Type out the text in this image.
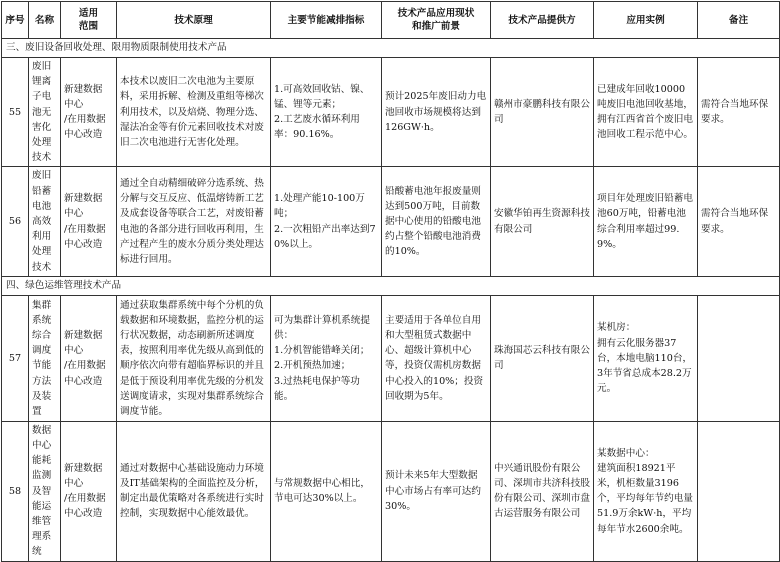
序号	名称	适用
范围	技术原理	主要节能减排指标	技术产品应用现状
和推广前景	技术产品提供方	应用实例	备注
三、废旧设备回收处理、限用物质限制使用技术产品								
55	废旧锂离子电池无害化处理技术	新建数据
中心
/在用数据
中心改造	本技术以废旧二次电池为主要原料，采用拆解、检测及重组等梯次利用技术，以及焙烧、物理分选、湿法冶金等有价元素回收技术对废旧二次电池进行无害化处理。	1.可高效回收钴、镍、锰、锂等元素；
2.工艺废水循环利用率：90.16%。	预计2025年废旧动力电池回收市场规模将达到126GW·h。	赣州市豪鹏科技有限公司	已建成年回收10000吨废旧电池回收基地，拥有江西省首个废旧电池回收工程示范中心。	需符合当地环保要求。
56	废旧铅蓄电池高效利用处理技术	新建数据
中心
/在用数据
中心改造	通过全自动精细破碎分选系统、热分解与交互反应、低温熔铸新工艺及成套设备等联合工艺，对废铅蓄电池的各部分进行回收再利用，生产过程产生的废水分质分类处理达标进行回用。	1.处理产能10-100万吨；
2.一次粗铅产出率达到70%以上。	铅酸蓄电池年报废量则达到500万吨，目前数据中心使用的铅酸电池约占整个铅酸电池消费的10%。	安徽华铂再生资源科技有限公司	项目年处理废旧铅蓄电池60万吨，铅蓄电池综合利用率超过99.9%。	需符合当地环保要求。
四、绿色运维管理技术产品								
57	集群系统综合调度节能方法及装置	新建数据
中心
/在用数据
中心改造	通过获取集群系统中每个分机的负载数据和环境数据，监控分机的运行状况数据，动态刷新所述调度表，按照利用率优先级从高到低的顺序依次向带有超临界标识的并且是低于预设利用率优先级的分机发送调度请求，实现对集群系统综合调度节能。	可为集群计算机系统提供：
1.分机智能错峰关闭；
2.开机预热加速；
3.过热耗电保护等功能。	主要适用于各单位自用和大型租赁式数据中心、超级计算机中心等，投资仅需机房数据中心投入的10%；投资回收期为5年。	珠海国芯云科技有限公司	某机房：
拥有云化服务器37台，本地电脑110台，3年节省总成本28.2万元。	
58	数据中心能耗监测及智能运维管理系统	新建数据
中心
/在用数据
中心改造	通过对数据中心基础设施动力环境及IT基础架构的全面监控及分析，制定出最优策略对各系统进行实时控制，实现数据中心能效最优。	与常规数据中心相比，节电可达30%以上。	预计未来5年大型数据中心市场占有率可达约30%。	中兴通讯股份有限公司、深圳市共济科技股份有限公司、深圳市盘古运营服务有限公司	某数据中心：
建筑面积18921平米，机柜数量3196个，平均每年节约电量51.9万余kW·h，平均每年节水2600余吨。	
